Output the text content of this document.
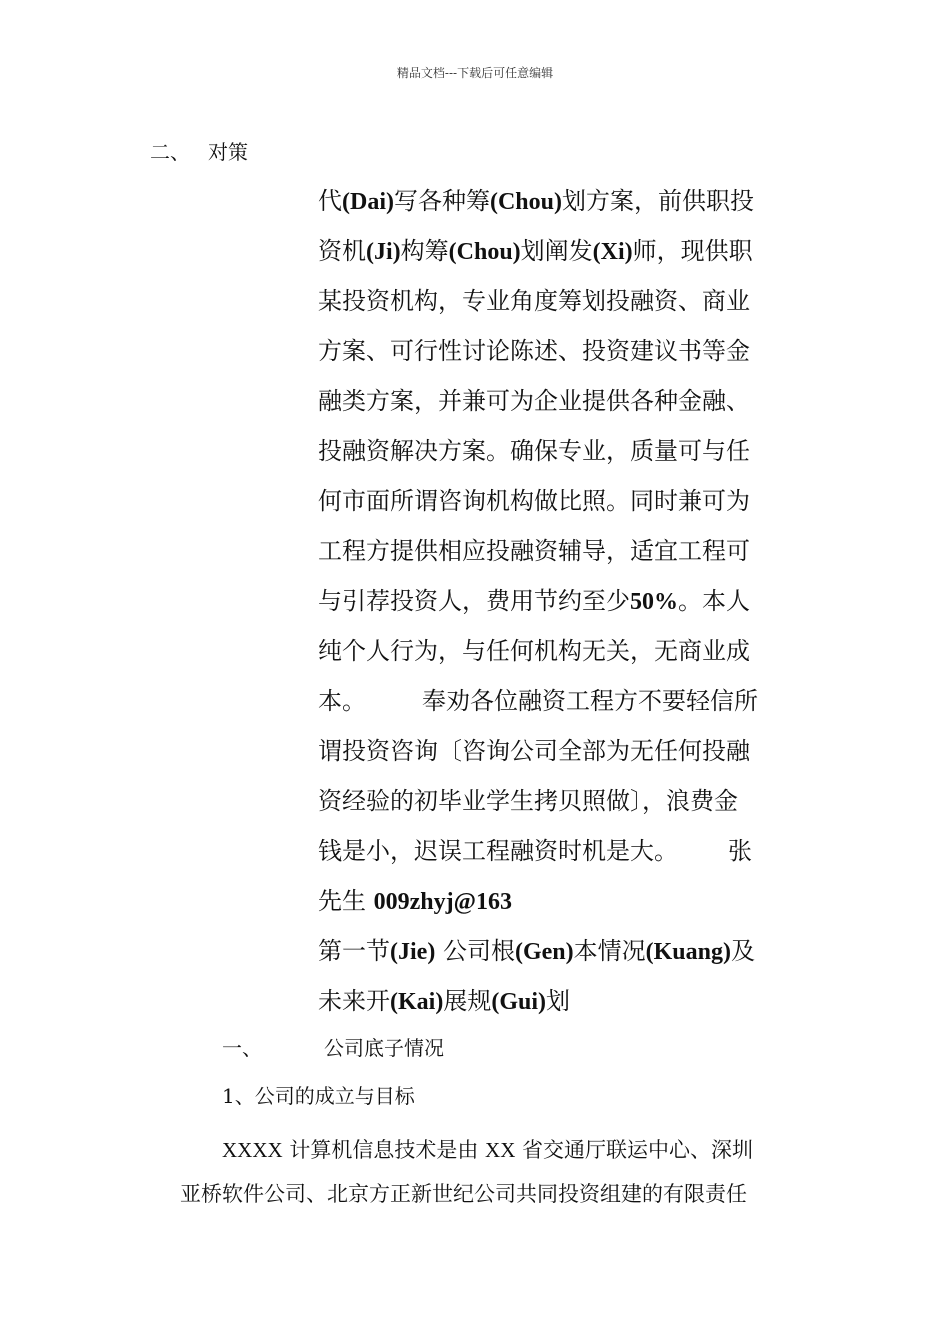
精品文档---下载后可任意编辑
二、 对策
代(Dai)写各种筹(Chou)划方案，前供职投
资机(Ji)构筹(Chou)划阐发(Xi)师，现供职
某投资机构，专业角度筹划投融资、商业
方案、可行性讨论陈述、投资建议书等金
融类方案，并兼可为企业提供各种金融、
投融资解决方案。确保专业，质量可与任
何市面所谓咨询机构做比照。同时兼可为
工程方提供相应投融资辅导，适宜工程可
与引荐投资人，费用节约至少50%。本人
纯个人行为，与任何机构无关，无商业成
本。 奉劝各位融资工程方不要轻信所
谓投资咨询〔咨询公司全部为无任何投融
资经验的初毕业学生拷贝照做〕，浪费金
钱是小，迟误工程融资时机是大。 张
先生 009zhyj@163
第一节(Jie) 公司根(Gen)本情况(Kuang)及
未来开(Kai)展规(Gui)划
一、	公司底子情况
1、公司的成立与目标
XXXX 计算机信息技术是由 XX 省交通厅联运中心、深圳
亚桥软件公司、北京方正新世纪公司共同投资组建的有限责任
